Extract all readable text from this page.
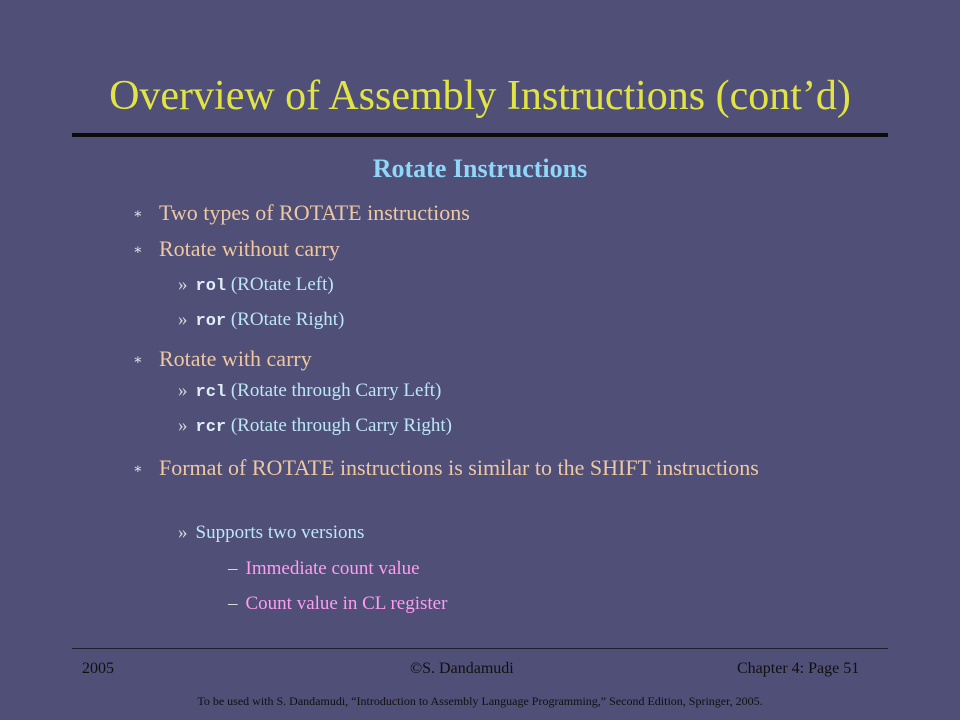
Overview of Assembly Instructions (cont’d)
Rotate Instructions
∗ Two types of ROTATE instructions
∗ Rotate without carry
» rol (ROtate Left)
» ror (ROtate Right)
∗ Rotate with carry
» rcl (Rotate through Carry Left)
» rcr (Rotate through Carry Right)
∗ Format of ROTATE instructions is similar to the SHIFT instructions
» Supports two versions
– Immediate count value
– Count value in CL register
2005	©S. Dandamudi	Chapter 4: Page 51
To be used with S. Dandamudi, “Introduction to Assembly Language Programming,” Second Edition, Springer, 2005.
